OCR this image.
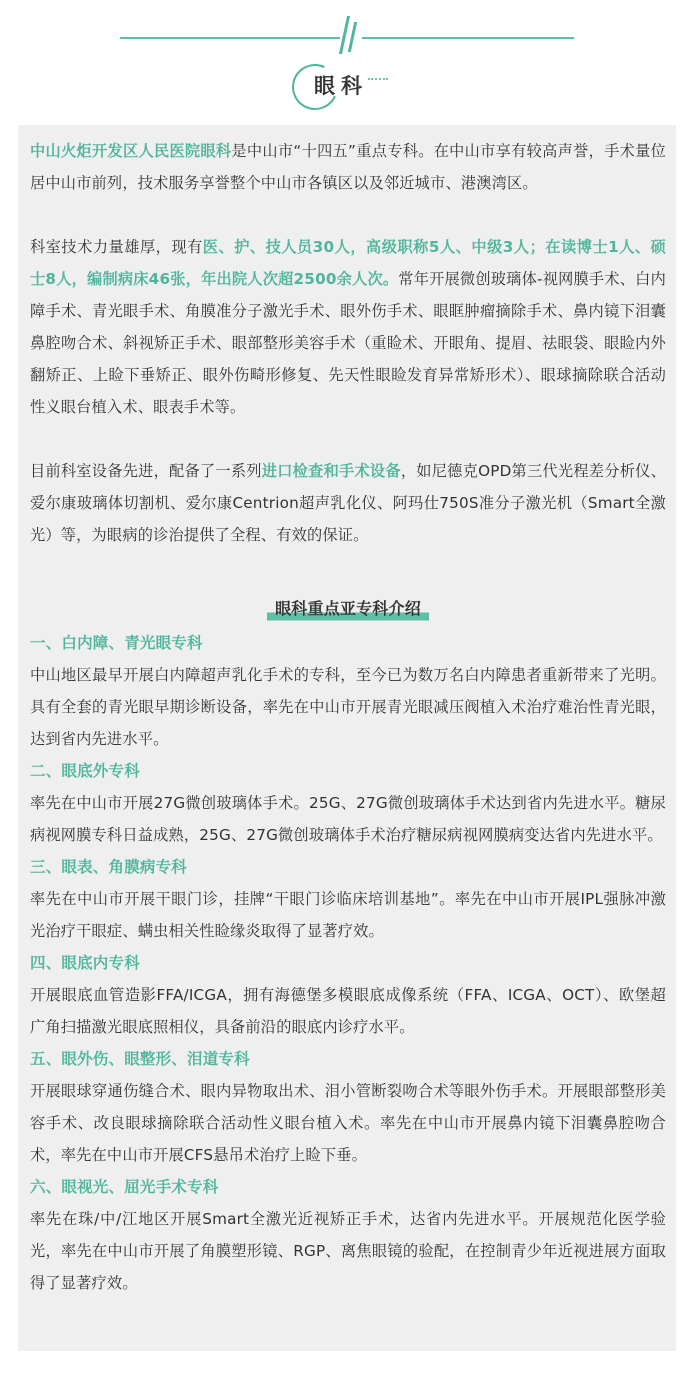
眼科

中山火炬开发区人民医院眼科是中山市“十四五”重点专科。在中山市享有较高声誉，手术量位居中山市前列，技术服务享誉整个中山市各镇区以及邻近城市、港澳湾区。

科室技术力量雄厚，现有医、护、技人员30人，高级职称5人、中级3人；在读博士1人、硕士8人，编制病床46张，年出院人次超2500余人次。常年开展微创玻璃体-视网膜手术、白内障手术、青光眼手术、角膜准分子激光手术、眼外伤手术、眼眶肿瘤摘除手术、鼻内镜下泪囊鼻腔吻合术、斜视矫正手术、眼部整形美容手术（重睑术、开眼角、提眉、祛眼袋、眼睑内外翻矫正、上睑下垂矫正、眼外伤畸形修复、先天性眼睑发育异常矫形术）、眼球摘除联合活动性义眼台植入术、眼表手术等。

目前科室设备先进，配备了一系列进口检查和手术设备，如尼德克OPD第三代光程差分析仪、爱尔康玻璃体切割机、爱尔康Centrion超声乳化仪、阿玛仕750S准分子激光机（Smart全激光）等，为眼病的诊治提供了全程、有效的保证。

眼科重点亚专科介绍

一、白内障、青光眼专科

中山地区最早开展白内障超声乳化手术的专科，至今已为数万名白内障患者重新带来了光明。具有全套的青光眼早期诊断设备，率先在中山市开展青光眼减压阀植入术治疗难治性青光眼，达到省内先进水平。

二、眼底外专科

率先在中山市开展27G微创玻璃体手术。25G、27G微创玻璃体手术达到省内先进水平。糖尿病视网膜专科日益成熟，25G、27G微创玻璃体手术治疗糖尿病视网膜病变达省内先进水平。

三、眼表、角膜病专科

率先在中山市开展干眼门诊，挂牌“干眼门诊临床培训基地”。率先在中山市开展IPL强脉冲激光治疗干眼症、螨虫相关性睑缘炎取得了显著疗效。

四、眼底内专科

开展眼底血管造影FFA/ICGA，拥有海德堡多模眼底成像系统（FFA、ICGA、OCT）、欧堡超广角扫描激光眼底照相仪，具备前沿的眼底内诊疗水平。

五、眼外伤、眼整形、泪道专科

开展眼球穿通伤缝合术、眼内异物取出术、泪小管断裂吻合术等眼外伤手术。开展眼部整形美容手术、改良眼球摘除联合活动性义眼台植入术。率先在中山市开展鼻内镜下泪囊鼻腔吻合术，率先在中山市开展CFS悬吊术治疗上睑下垂。

六、眼视光、屈光手术专科

率先在珠/中/江地区开展Smart全激光近视矫正手术，达省内先进水平。开展规范化医学验光，率先在中山市开展了角膜塑形镜、RGP、离焦眼镜的验配，在控制青少年近视进展方面取得了显著疗效。
